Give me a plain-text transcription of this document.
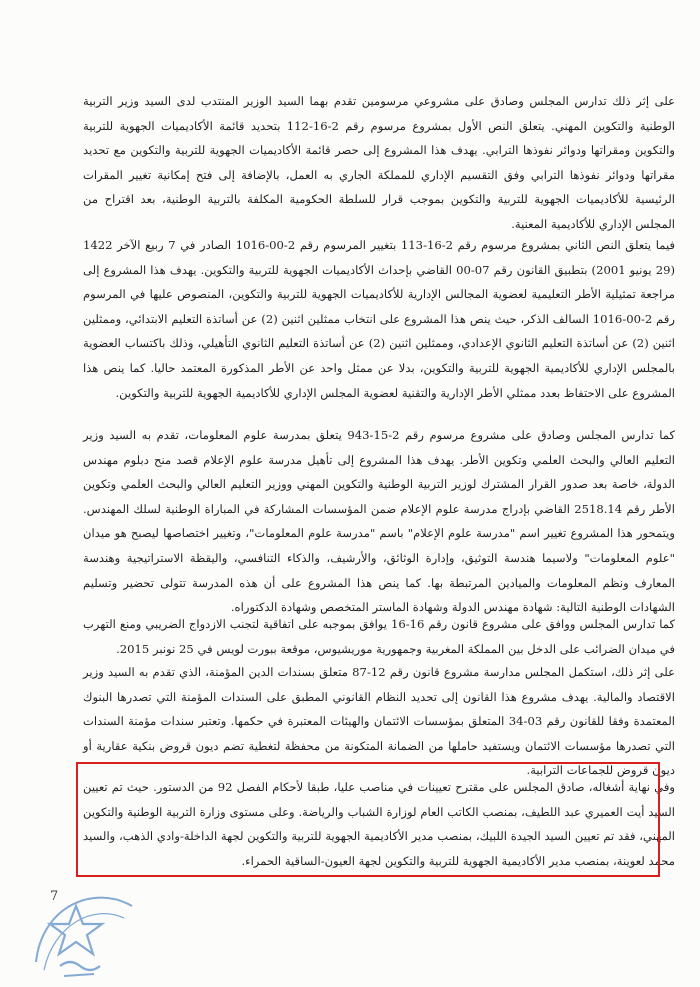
على إثر ذلك تدارس المجلس وصادق على مشروعي مرسومين تقدم بهما السيد الوزير المنتدب لدى السيد وزير التربية الوطنية والتكوين المهني. يتعلق النص الأول بمشروع مرسوم رقم 2-16-112 بتحديد قائمة الأكاديميات الجهوية للتربية والتكوين ومقراتها ودوائر نفوذها الترابي. يهدف هذا المشروع إلى حصر قائمة الأكاديميات الجهوية للتربية والتكوين مع تحديد مقراتها ودوائر نفوذها الترابي وفق التقسيم الإداري للمملكة الجاري به العمل، بالإضافة إلى فتح إمكانية تغيير المقرات الرئيسية للأكاديميات الجهوية للتربية والتكوين بموجب قرار للسلطة الحكومية المكلفة بالتربية الوطنية، بعد اقتراح من المجلس الإداري للأكاديمية المعنية.

فيما يتعلق النص الثاني بمشروع مرسوم رقم 2-16-113 بتغيير المرسوم رقم 2-00-1016 الصادر في 7 ربيع الآخر 1422 (29 يونيو 2001) بتطبيق القانون رقم 07-00 القاضي بإحداث الأكاديميات الجهوية للتربية والتكوين. يهدف هذا المشروع إلى مراجعة تمثيلية الأطر التعليمية لعضوية المجالس الإدارية للأكاديميات الجهوية للتربية والتكوين، المنصوص عليها في المرسوم رقم 2-00-1016 السالف الذكر، حيث ينص هذا المشروع على انتخاب ممثلين اثنين (2) عن أساتذة التعليم الابتدائي، وممثلين اثنين (2) عن أساتذة التعليم الثانوي الإعدادي، وممثلين اثنين (2) عن أساتذة التعليم الثانوي التأهيلي، وذلك باكتساب العضوية بالمجلس الإداري للأكاديمية الجهوية للتربية والتكوين، بدلا عن ممثل واحد عن الأطر المذكورة المعتمد حاليا. كما ينص هذا المشروع على الاحتفاظ بعدد ممثلي الأطر الإدارية والتقنية لعضوية المجلس الإداري للأكاديمية الجهوية للتربية والتكوين.

كما تدارس المجلس وصادق على مشروع مرسوم رقم 2-15-943 يتعلق بمدرسة علوم المعلومات، تقدم به السيد وزير التعليم العالي والبحث العلمي وتكوين الأطر. يهدف هذا المشروع إلى تأهيل مدرسة علوم الإعلام قصد منح دبلوم مهندس الدولة، خاصة بعد صدور القرار المشترك لوزير التربية الوطنية والتكوين المهني ووزير التعليم العالي والبحث العلمي وتكوين الأطر رقم 2518.14 القاضي بإدراج مدرسة علوم الإعلام ضمن المؤسسات المشاركة في المباراة الوطنية لسلك المهندس. ويتمحور هذا المشروع تغيير اسم "مدرسة علوم الإعلام" باسم "مدرسة علوم المعلومات"، وتغيير اختصاصها ليصبح هو ميدان "علوم المعلومات" ولاسيما هندسة التوثيق، وإدارة الوثائق، والأرشيف، والذكاء التنافسي، واليقظة الاستراتيجية وهندسة المعارف ونظم المعلومات والميادين المرتبطة بها. كما ينص هذا المشروع على أن هذه المدرسة تتولى تحضير وتسليم الشهادات الوطنية التالية: شهادة مهندس الدولة وشهادة الماستر المتخصص وشهادة الدكتوراه.

كما تدارس المجلس ووافق على مشروع قانون رقم 16-16 يوافق بموجبه على اتفاقية لتجنب الازدواج الضريبي ومنع التهرب في ميدان الضرائب على الدخل بين المملكة المغربية وجمهورية موريشيوس، موقعة ببورت لويس في 25 نونبر 2015.

على إثر ذلك، استكمل المجلس مدارسة مشروع قانون رقم 12-87 متعلق بسندات الدين المؤمنة، الذي تقدم به السيد وزير الاقتصاد والمالية. يهدف مشروع هذا القانون إلى تحديد النظام القانوني المطبق على السندات المؤمنة التي تصدرها البنوك المعتمدة وفقا للقانون رقم 03-34 المتعلق بمؤسسات الائتمان والهيئات المعتبرة في حكمها. وتعتبر سندات مؤمنة السندات التي تصدرها مؤسسات الائتمان ويستفيد حاملها من الضمانة المتكونة من محفظة لتغطية تضم ديون قروض بنكية عقارية أو ديون قروض للجماعات الترابية.

وفي نهاية أشغاله، صادق المجلس على مقترح تعيينات في مناصب عليا، طبقا لأحكام الفصل 92 من الدستور. حيث تم تعيين السيد أيت العميري عبد اللطيف، بمنصب الكاتب العام لوزارة الشباب والرياضة. وعلى مستوى وزارة التربية الوطنية والتكوين المهني، فقد تم تعيين السيد الجيدة اللبيك، بمنصب مدير الأكاديمية الجهوية للتربية والتكوين لجهة الداخلة-وادي الذهب، والسيد محمد لعوينة، بمنصب مدير الأكاديمية الجهوية للتربية والتكوين لجهة العيون-الساقية الحمراء.

7
